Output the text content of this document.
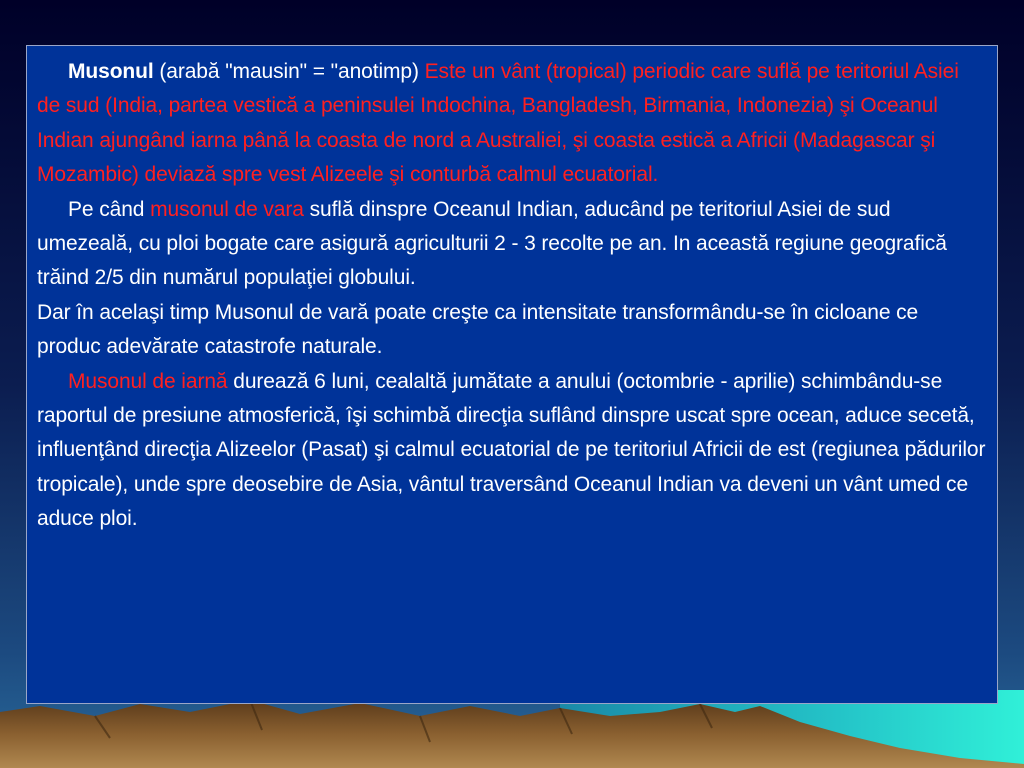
Musonul (arabă "mausin" = "anotimp) Este un vânt (tropical) periodic care suflă pe teritoriul Asiei de sud (India, partea vestică a peninsulei Indochina, Bangladesh, Birmania, Indonezia) şi Oceanul Indian ajungând iarna până la coasta de nord a Australiei, şi coasta estică a Africii (Madagascar şi Mozambic) deviază spre vest Alizeele şi conturbă calmul ecuatorial.

Pe când musonul de vara suflă dinspre Oceanul Indian, aducând pe teritoriul Asiei de sud umezeală, cu ploi bogate care asigură agriculturii 2 - 3 recolte pe an. In această regiune geografică trăind 2/5 din numărul populaţiei globului.

Dar în acelaşi timp Musonul de vară poate creşte ca intensitate transformându-se în cicloane ce produc adevărate catastrofe naturale.

Musonul de iarnă durează 6 luni, cealaltă jumătate a anului (octombrie - aprilie) schimbându-se raportul de presiune atmosferică, îşi schimbă direcţia suflând dinspre uscat spre ocean, aduce secetă, influenţând direcţia Alizeelor (Pasat) şi calmul ecuatorial de pe teritoriul Africii de est (regiunea pădurilor tropicale), unde spre deosebire de Asia, vântul traversând Oceanul Indian va deveni un vânt umed ce aduce ploi.
